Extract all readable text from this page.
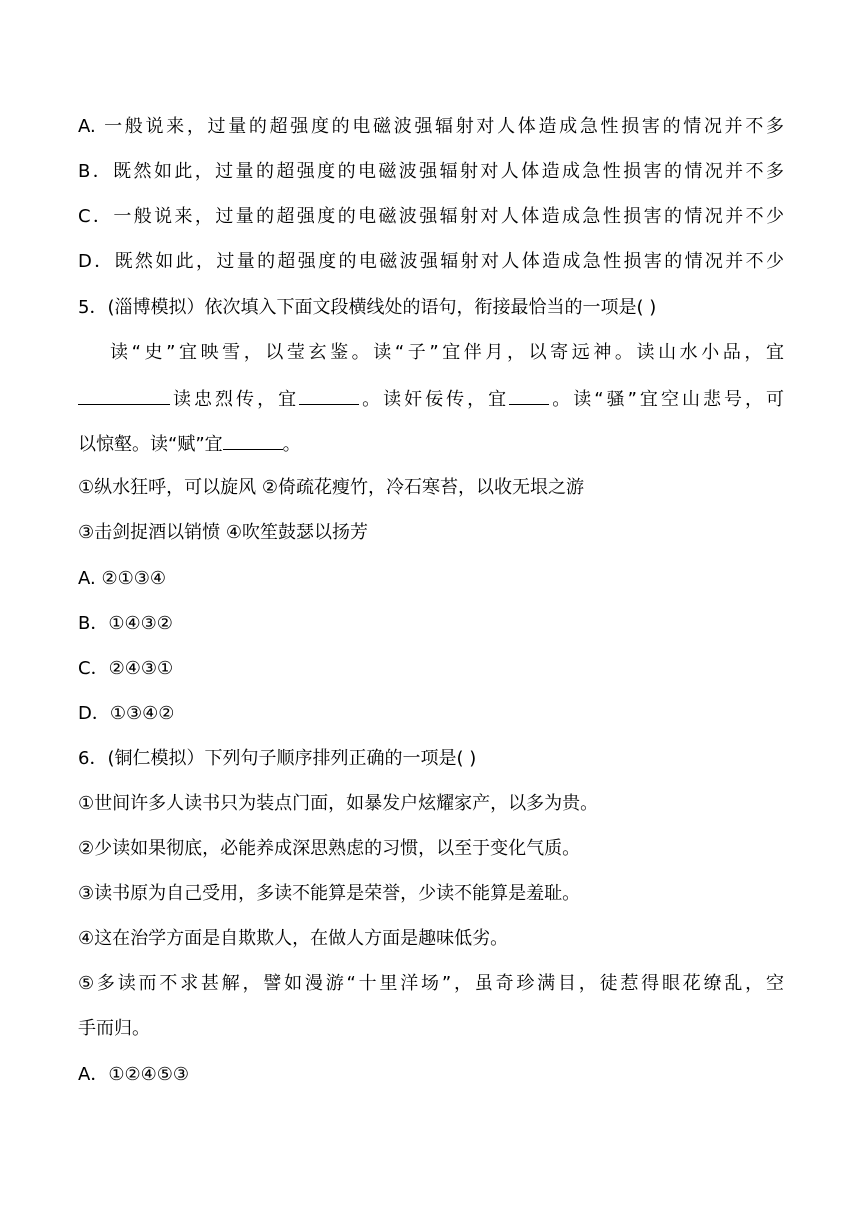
A. 一般说来，过量的超强度的电磁波强辐射对人体造成急性损害的情况并不多
B．既然如此，过量的超强度的电磁波强辐射对人体造成急性损害的情况并不多
C．一般说来，过量的超强度的电磁波强辐射对人体造成急性损害的情况并不少
D．既然如此，过量的超强度的电磁波强辐射对人体造成急性损害的情况并不少
5．(淄博模拟）依次填入下面文段横线处的语句，衔接最恰当的一项是( )
读“史”宜映雪，以莹玄鉴。读“子”宜伴月，以寄远神。读山水小品，宜
读忠烈传，宜	。读奸佞传，宜 。读“骚”宜空山悲号，可
以惊壑。读“赋”宜	。
①纵水狂呼，可以旋风 ②倚疏花瘦竹，冷石寒苔，以收无垠之游
③击剑捉酒以销愤 ④吹笙鼓瑟以扬芳
A. ②①③④
B．①④③②
C．②④③①
D．①③④②
6．(铜仁模拟）下列句子顺序排列正确的一项是( )
①世间许多人读书只为装点门面，如暴发户炫耀家产，以多为贵。
②少读如果彻底，必能养成深思熟虑的习惯，以至于变化气质。
③读书原为自己受用，多读不能算是荣誉，少读不能算是羞耻。
④这在治学方面是自欺欺人，在做人方面是趣味低劣。
⑤多读而不求甚解，譬如漫游“十里洋场”，虽奇珍满目，徒惹得眼花缭乱，空
手而归。
A．①②④⑤③
